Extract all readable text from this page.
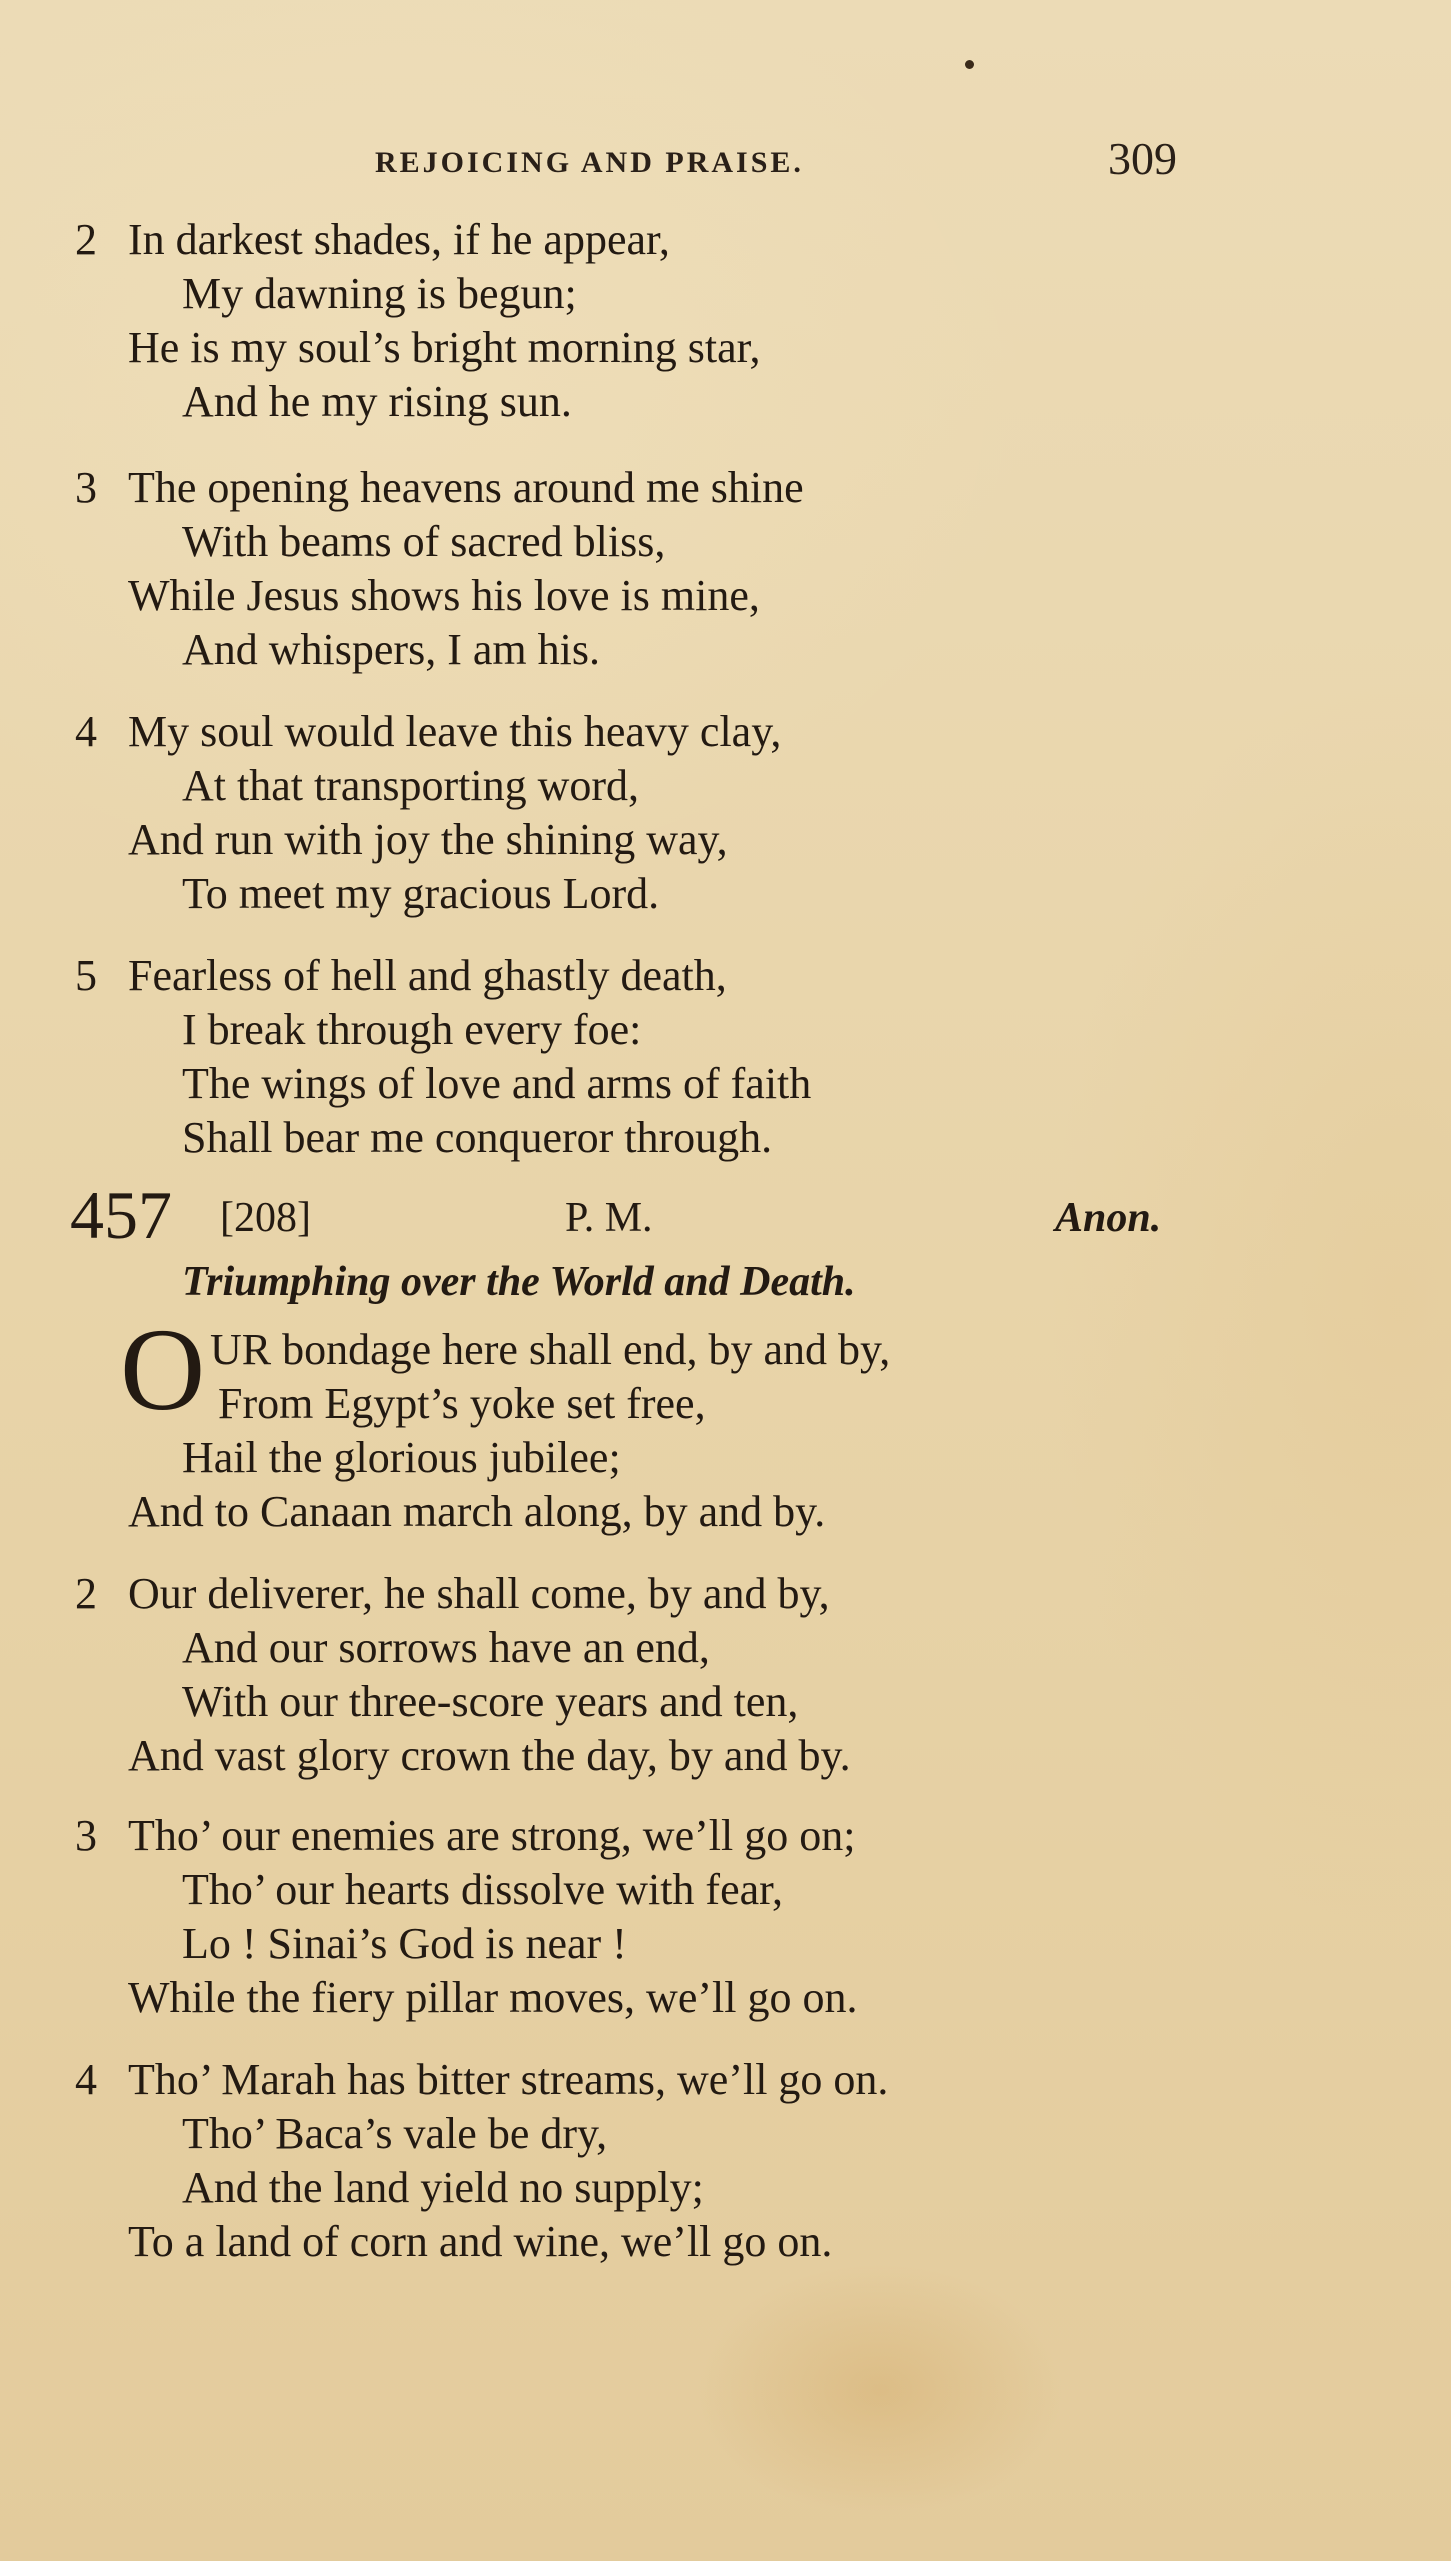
REJOICING AND PRAISE.	309
2 In darkest shades, if he appear,
My dawning is begun;
He is my soul’s bright morning star,
And he my rising sun.
3 The opening heavens around me shine
With beams of sacred bliss,
While Jesus shows his love is mine,
And whispers, I am his.
4 My soul would leave this heavy clay,
At that transporting word,
And run with joy the shining way,
To meet my gracious Lord.
5 Fearless of hell and ghastly death,
I break through every foe:
The wings of love and arms of faith
Shall bear me conqueror through.
457 [208]	P. M.	Anon.
Triumphing over the World and Death.
O UR bondage here shall end, by and by,
From Egypt’s yoke set free,
Hail the glorious jubilee;
And to Canaan march along, by and by.
2 Our deliverer, he shall come, by and by,
And our sorrows have an end,
With our three-score years and ten,
And vast glory crown the day, by and by.
3 Tho’ our enemies are strong, we’ll go on;
Tho’ our hearts dissolve with fear,
Lo ! Sinai’s God is near !
While the fiery pillar moves, we’ll go on.
4 Tho’ Marah has bitter streams, we’ll go on.
Tho’ Baca’s vale be dry,
And the land yield no supply;
To a land of corn and wine, we’ll go on.
